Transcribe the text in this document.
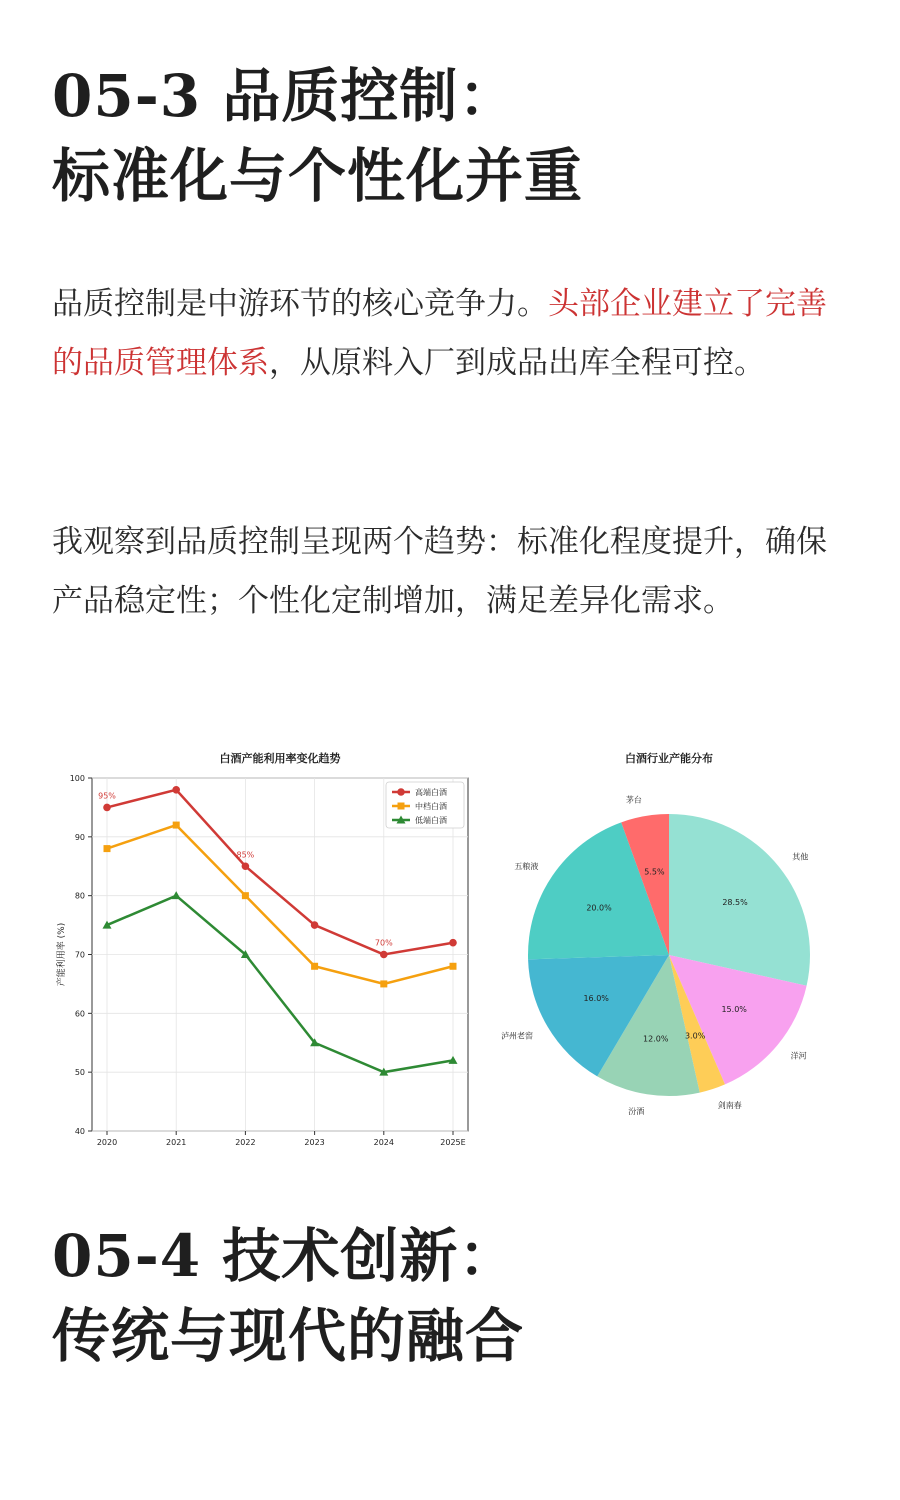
05-3 品质控制：
标准化与个性化并重

品质控制是中游环节的核心竞争力。头部企业建立了完善的品质管理体系，从原料入厂到成品出库全程可控。

我观察到品质控制呈现两个趋势：标准化程度提升，确保产品稳定性；个性化定制增加，满足差异化需求。

白酒产能利用率变化趋势
40
50
60
70
80
90
100
2020	2021	2022	2023	2024	2025E
产能利用率 (%)
95%
85%
70%
高端白酒
中档白酒
低端白酒
白酒行业产能分布
28.5%
其他
15.0%
洋河
3.0%
剑南春
12.0%
汾酒
16.0%
泸州老窖
20.0%
五粮液
5.5%
茅台
05-4 技术创新：
传统与现代的融合
